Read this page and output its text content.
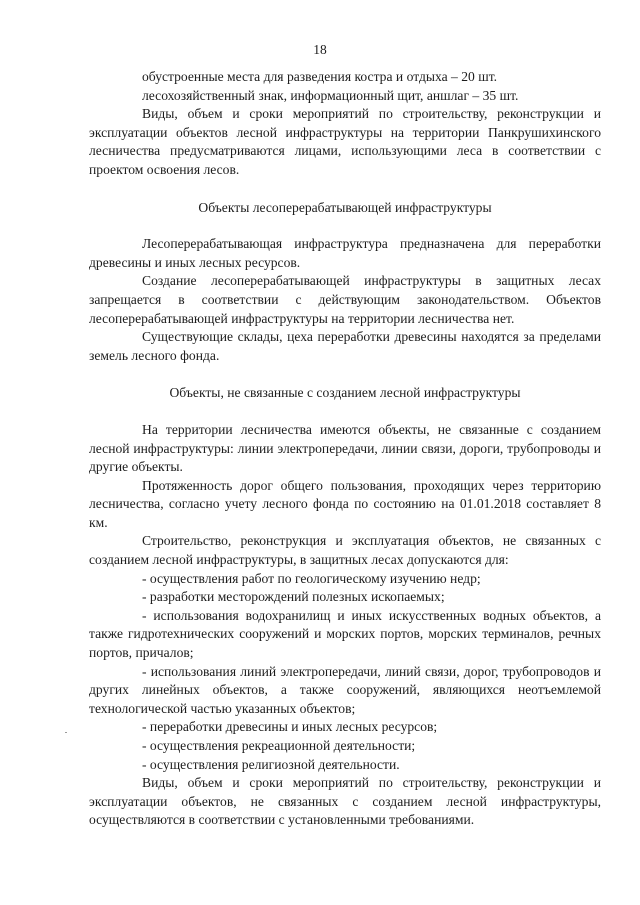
18

обустроенные места для разведения костра и отдыха – 20 шт.

лесохозяйственный знак, информационный щит, аншлаг – 35 шт.

Виды, объем и сроки мероприятий по строительству, реконструкции и эксплуатации объектов лесной инфраструктуры на территории Панкрушихинского лесничества предусматриваются лицами, использующими леса в соответствии с проектом освоения лесов.

Объекты лесоперерабатывающей инфраструктуры

Лесоперерабатывающая инфраструктура предназначена для переработки древесины и иных лесных ресурсов.

Создание лесоперерабатывающей инфраструктуры в защитных лесах запрещается в соответствии с действующим законодательством. Объектов лесоперерабатывающей инфраструктуры на территории лесничества нет.

Существующие склады, цеха переработки древесины находятся за пределами земель лесного фонда.

Объекты, не связанные с созданием лесной инфраструктуры

На территории лесничества имеются объекты, не связанные с созданием лесной инфраструктуры: линии электропередачи, линии связи, дороги, трубопроводы и другие объекты.

Протяженность дорог общего пользования, проходящих через территорию лесничества, согласно учету лесного фонда по состоянию на 01.01.2018 составляет 8 км.

Строительство, реконструкция и эксплуатация объектов, не связанных с созданием лесной инфраструктуры, в защитных лесах допускаются для:

- осуществления работ по геологическому изучению недр;

- разработки месторождений полезных ископаемых;

- использования водохранилищ и иных искусственных водных объектов, а также гидротехнических сооружений и морских портов, морских терминалов, речных портов, причалов;

- использования линий электропередачи, линий связи, дорог, трубопроводов и других линейных объектов, а также сооружений, являющихся неотъемлемой технологической частью указанных объектов;

- переработки древесины и иных лесных ресурсов;

- осуществления рекреационной деятельности;

- осуществления религиозной деятельности.

Виды, объем и сроки мероприятий по строительству, реконструкции и эксплуатации объектов, не связанных с созданием лесной инфраструктуры, осуществляются в соответствии с установленными требованиями.
